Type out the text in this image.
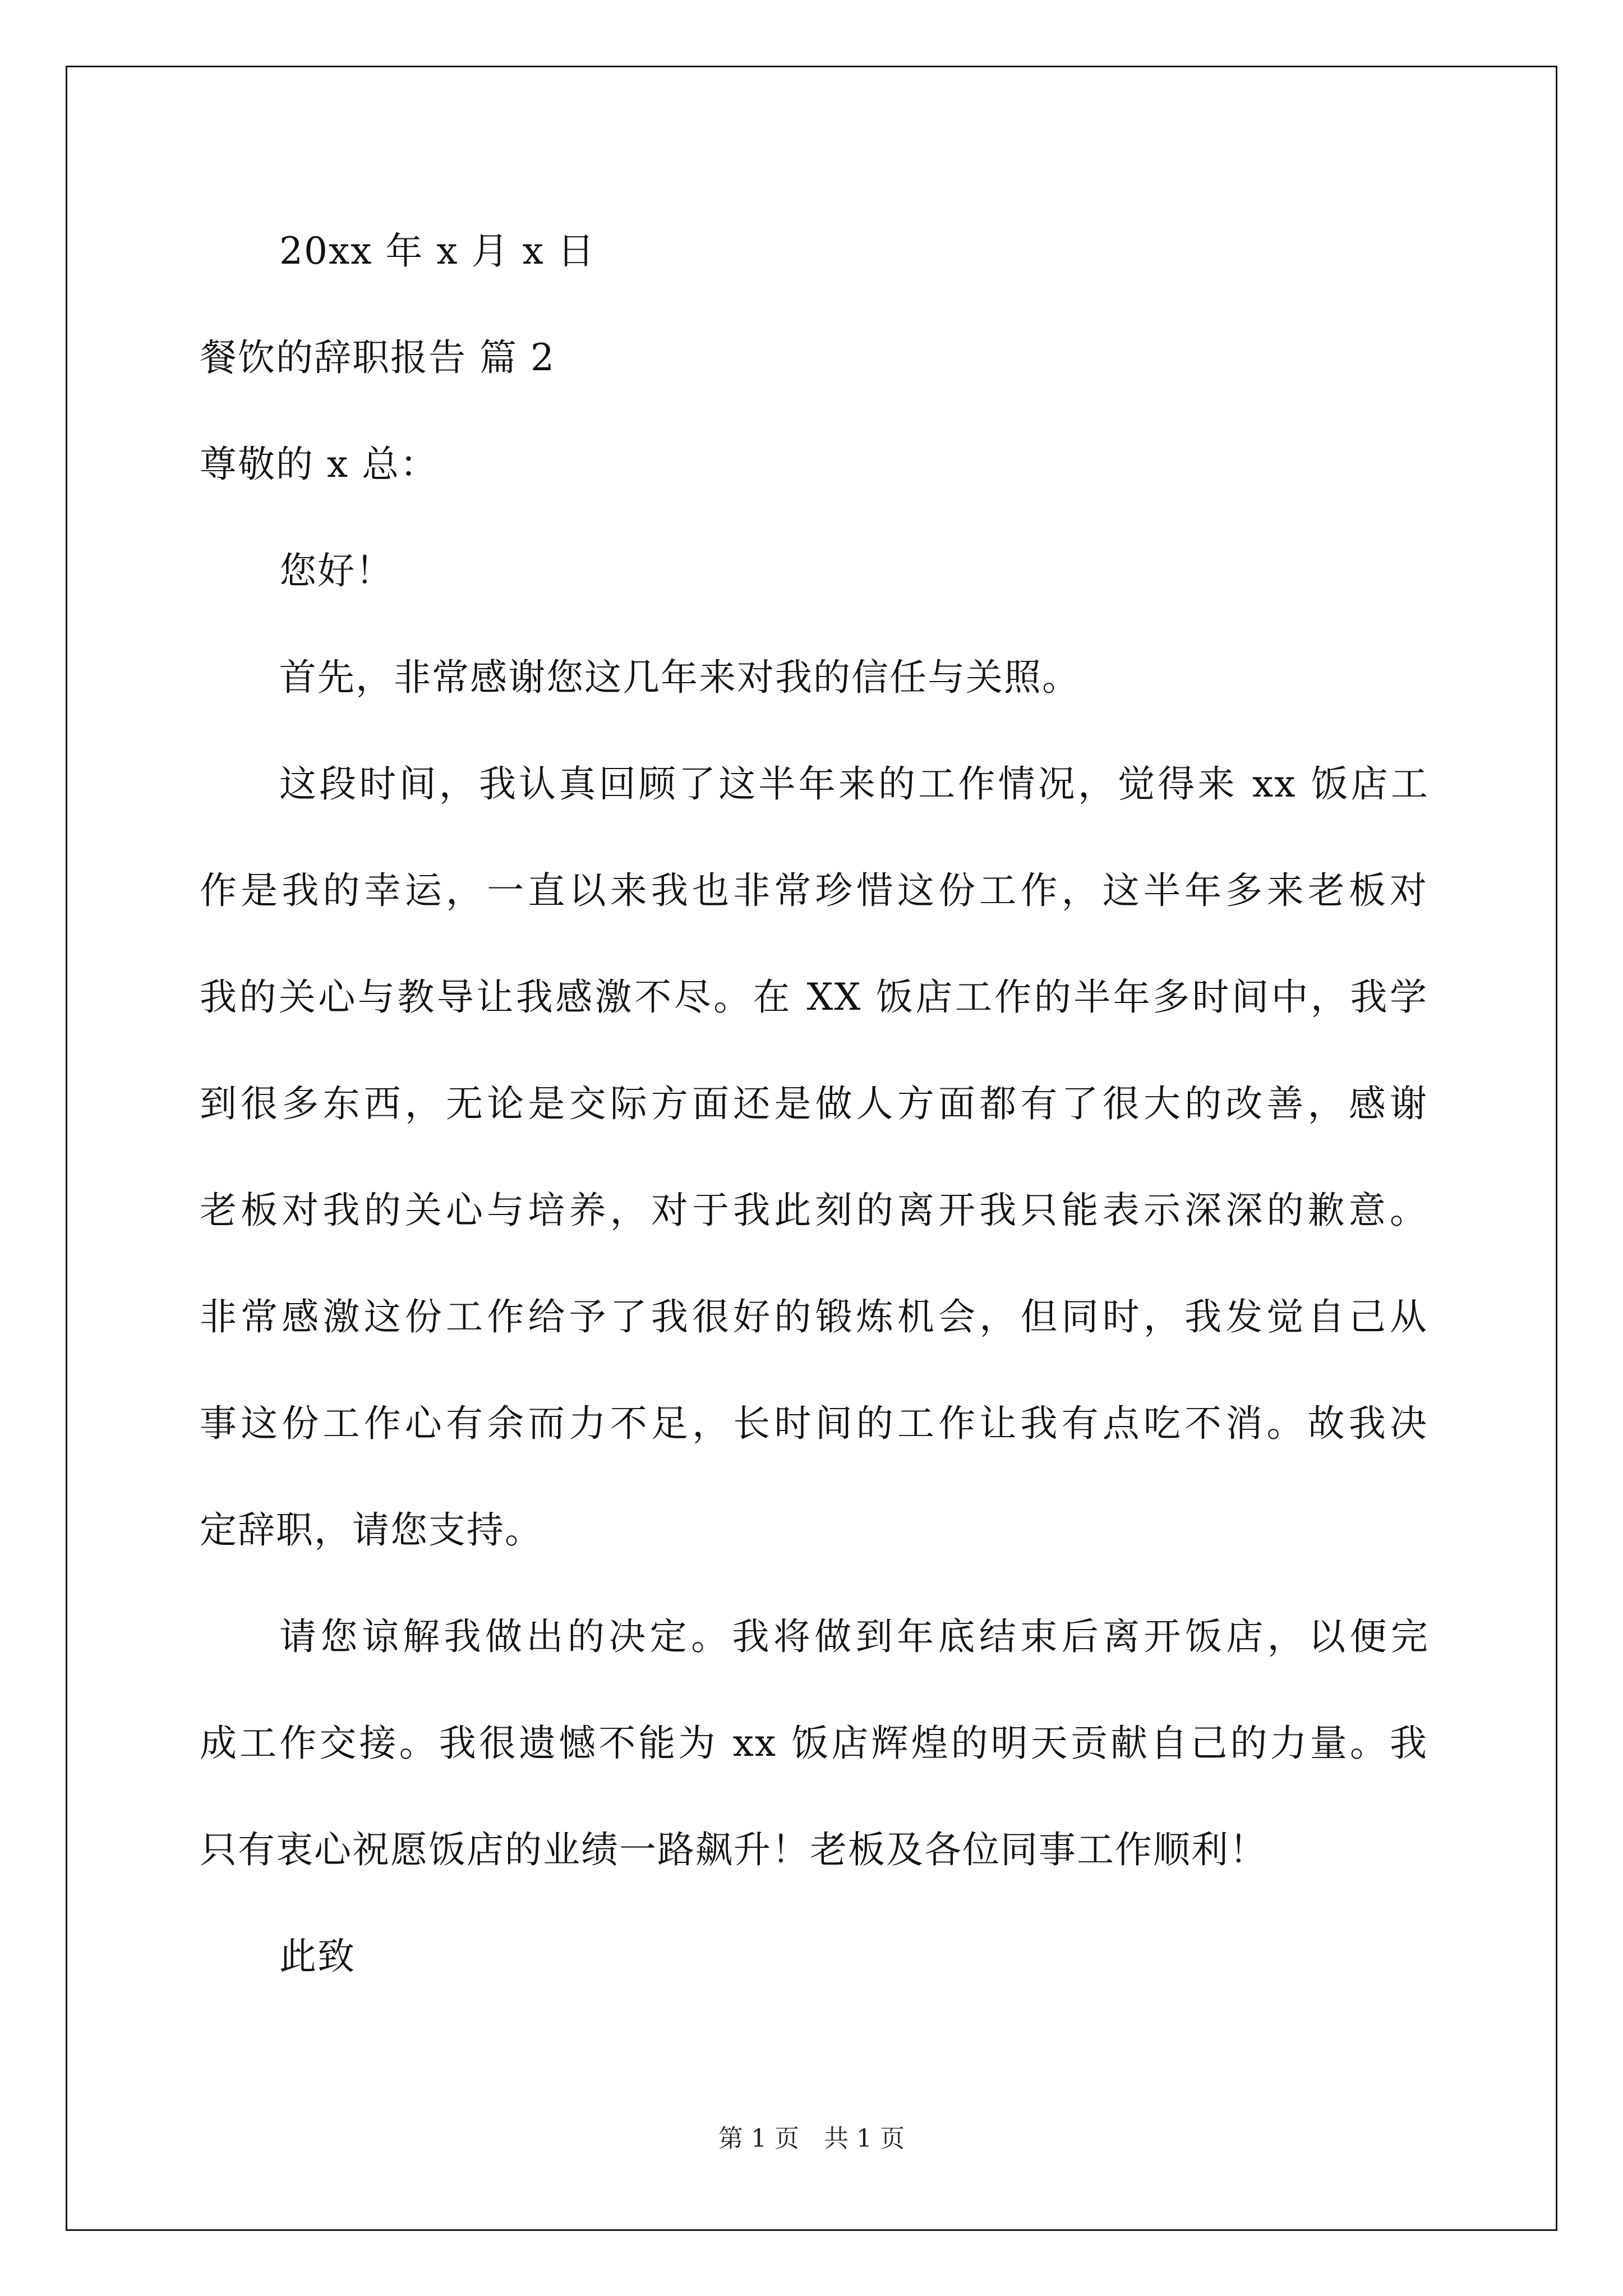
20xx 年 x 月 x 日
餐饮的辞职报告 篇 2
尊敬的 x 总：
您好！
首先，非常感谢您这几年来对我的信任与关照。
这段时间，我认真回顾了这半年来的工作情况，觉得来 xx 饭店工
作是我的幸运，一直以来我也非常珍惜这份工作，这半年多来老板对
我的关心与教导让我感激不尽。在 XX 饭店工作的半年多时间中，我学
到很多东西，无论是交际方面还是做人方面都有了很大的改善，感谢
老板对我的关心与培养，对于我此刻的离开我只能表示深深的歉意。
非常感激这份工作给予了我很好的锻炼机会，但同时，我发觉自己从
事这份工作心有余而力不足，长时间的工作让我有点吃不消。故我决
定辞职，请您支持。
请您谅解我做出的决定。我将做到年底结束后离开饭店，以便完
成工作交接。我很遗憾不能为 xx 饭店辉煌的明天贡献自己的力量。我
只有衷心祝愿饭店的业绩一路飙升！老板及各位同事工作顺利！
此致
第 1 页 共 1 页
